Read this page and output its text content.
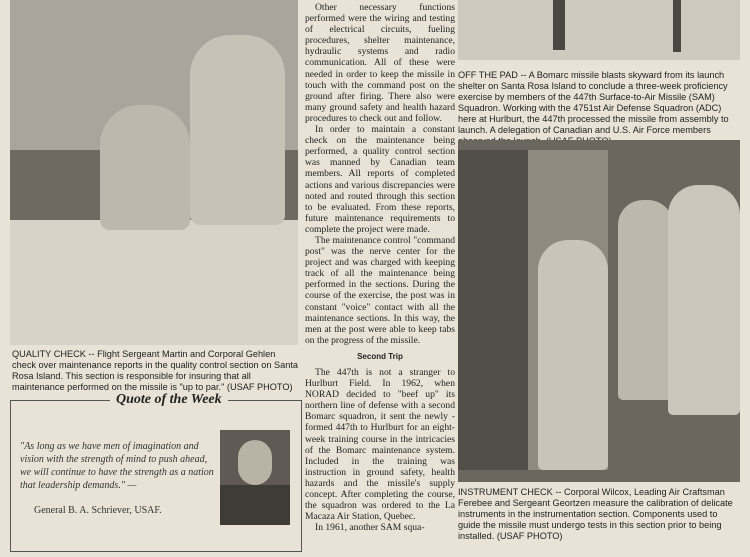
QUALITY CHECK -- Flight Sergeant Martin and Corporal Gehlen check over maintenance reports in the quality control section on Santa Rosa Island. This section is responsible for insuring that all maintenance performed on the missile is "up to par." (USAF PHOTO)
Quote of the Week
"As long as we have men of imagination and vision with the strength of mind to push ahead, we will continue to have the strength as a nation that leadership demands." —
General B. A. Schriever, USAF.

Other necessary functions performed were the wiring and testing of electrical circuits, fueling procedures, shelter maintenance, hydraulic systems and radio communication. All of these were needed in order to keep the missile in touch with the command post on the ground after firing. There also were many ground safety and health hazard procedures to check out and follow.

In order to maintain a constant check on the maintenance being performed, a quality control section was manned by Canadian team members. All reports of completed actions and various discrepancies were noted and routed through this section to be evaluated. From these reports, future maintenance requirements to complete the project were made.

The maintenance control "command post" was the nerve center for the project and was charged with keeping track of all the maintenance being performed in the sections. During the course of the exercise, the post was in constant "voice" contact with all the maintenance sections. In this way, the men at the post were able to keep tabs on the progress of the missile.

Second Trip

The 447th is not a stranger to Hurlburt Field. In 1962, when NORAD decided to "beef up" its northern line of defense with a second Bomarc squadron, it sent the newly - formed 447th to Hurlburt for an eight-week training course in the intricacies of the Bomarc maintenance system. Included in the training was instruction in ground safety, health hazards and the missile's supply concept. After completing the course, the squadron was ordered to the La Macaza Air Station, Quebec.

In 1961, another SAM squa-

OFF THE PAD -- A Bomarc missile blasts skyward from its launch shelter on Santa Rosa Island to conclude a three-week proficiency exercise by members of the 447th Surface-to-Air Missile (SAM) Squadron. Working with the 4751st Air Defense Squadron (ADC) here at Hurlburt, the 447th processed the missile from assembly to launch. A delegation of Canadian and U.S. Air Force members
INSTRUMENT CHECK -- Corporal Wilcox, Leading Air Craftsman Ferebee and Sergeant Geortzen measure the calibration of delicate instruments in the instrumentation section. Components used to guide the missile must undergo tests in this section prior to being installed. (USAF PHOTO)
